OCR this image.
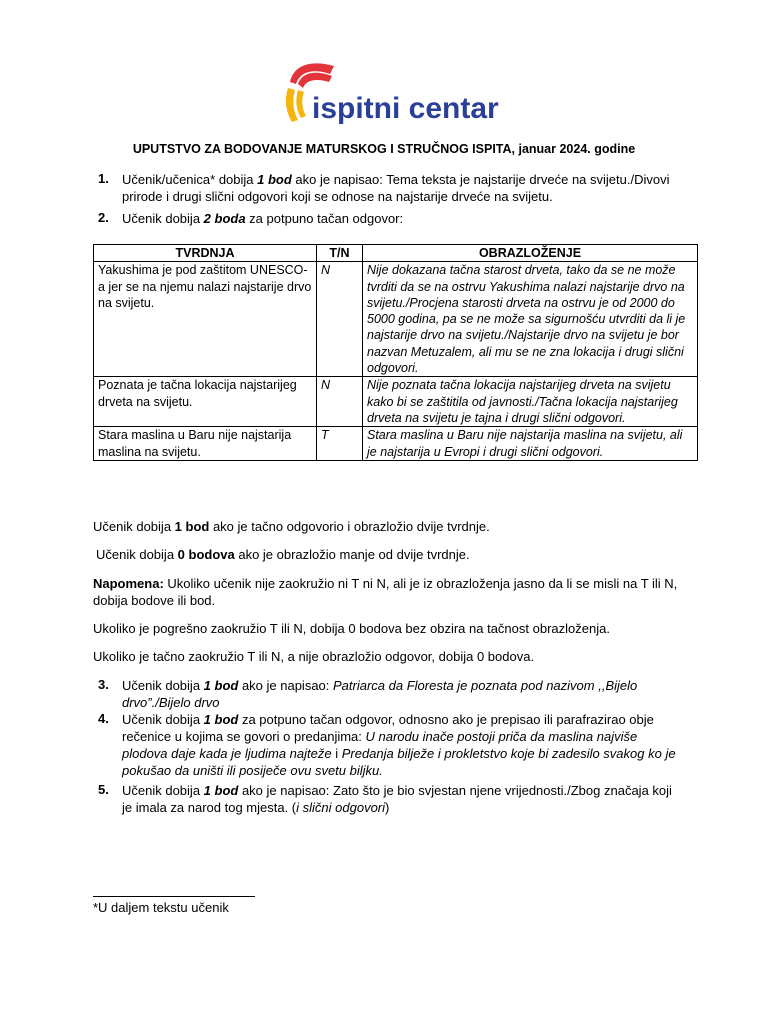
ispitni centar
UPUTSTVO ZA BODOVANJE MATURSKOG I STRUČNOG ISPITA, januar 2024. godine
1. Učenik/učenica* dobija 1 bod ako je napisao: Tema teksta je najstarije drveće na svijetu./Divovi
prirode i drugi slični odgovori koji se odnose na najstarije drveće na svijetu.
2. Učenik dobija 2 boda za potpuno tačan odgovor:
TVRDNJA	T/N	OBRAZLOŽENJE
Yakushima je pod zaštitom UNESCO-a jer se na njemu nalazi najstarije drvo na svijetu.	N	Nije dokazana tačna starost drveta, tako da se ne može tvrditi da se na ostrvu Yakushima nalazi najstarije drvo na svijetu./Procjena starosti drveta na ostrvu je od 2000 do 5000 godina, pa se ne može sa sigurnošću utvrditi da li je najstarije drvo na svijetu./Najstarije drvo na svijetu je bor nazvan Metuzalem, ali mu se ne zna lokacija i drugi slični odgovori.
Poznata je tačna lokacija najstarijeg drveta na svijetu.	N	Nije poznata tačna lokacija najstarijeg drveta na svijetu kako bi se zaštitila od javnosti./Tačna lokacija najstarijeg drveta na svijetu je tajna i drugi slični odgovori.
Stara maslina u Baru nije najstarija maslina na svijetu.	T	Stara maslina u Baru nije najstarija maslina na svijetu, ali je najstarija u Evropi i drugi slični odgovori.
Učenik dobija 1 bod ako je tačno odgovorio i obrazložio dvije tvrdnje.
Učenik dobija 0 bodova ako je obrazložio manje od dvije tvrdnje.
Napomena: Ukoliko učenik nije zaokružio ni T ni N, ali je iz obrazloženja jasno da li se misli na T ili N,
dobija bodove ili bod.
Ukoliko je pogrešno zaokružio T ili N, dobija 0 bodova bez obzira na tačnost obrazloženja.
Ukoliko je tačno zaokružio T ili N, a nije obrazložio odgovor, dobija 0 bodova.
3. Učenik dobija 1 bod ako je napisao: Patriarca da Floresta je poznata pod nazivom ,,Bijelo
drvo”./Bijelo drvo
4. Učenik dobija 1 bod za potpuno tačan odgovor, odnosno ako je prepisao ili parafrazirao obje
rečenice u kojima se govori o predanjima: U narodu inače postoji priča da maslina najviše
plodova daje kada je ljudima najteže i Predanja bilježe i prokletstvo koje bi zadesilo svakog ko je
pokušao da uništi ili posiječe ovu svetu biljku.
5. Učenik dobija 1 bod ako je napisao: Zato što je bio svjestan njene vrijednosti./Zbog značaja koji
je imala za narod tog mjesta. (i slični odgovori)
*U daljem tekstu učenik
